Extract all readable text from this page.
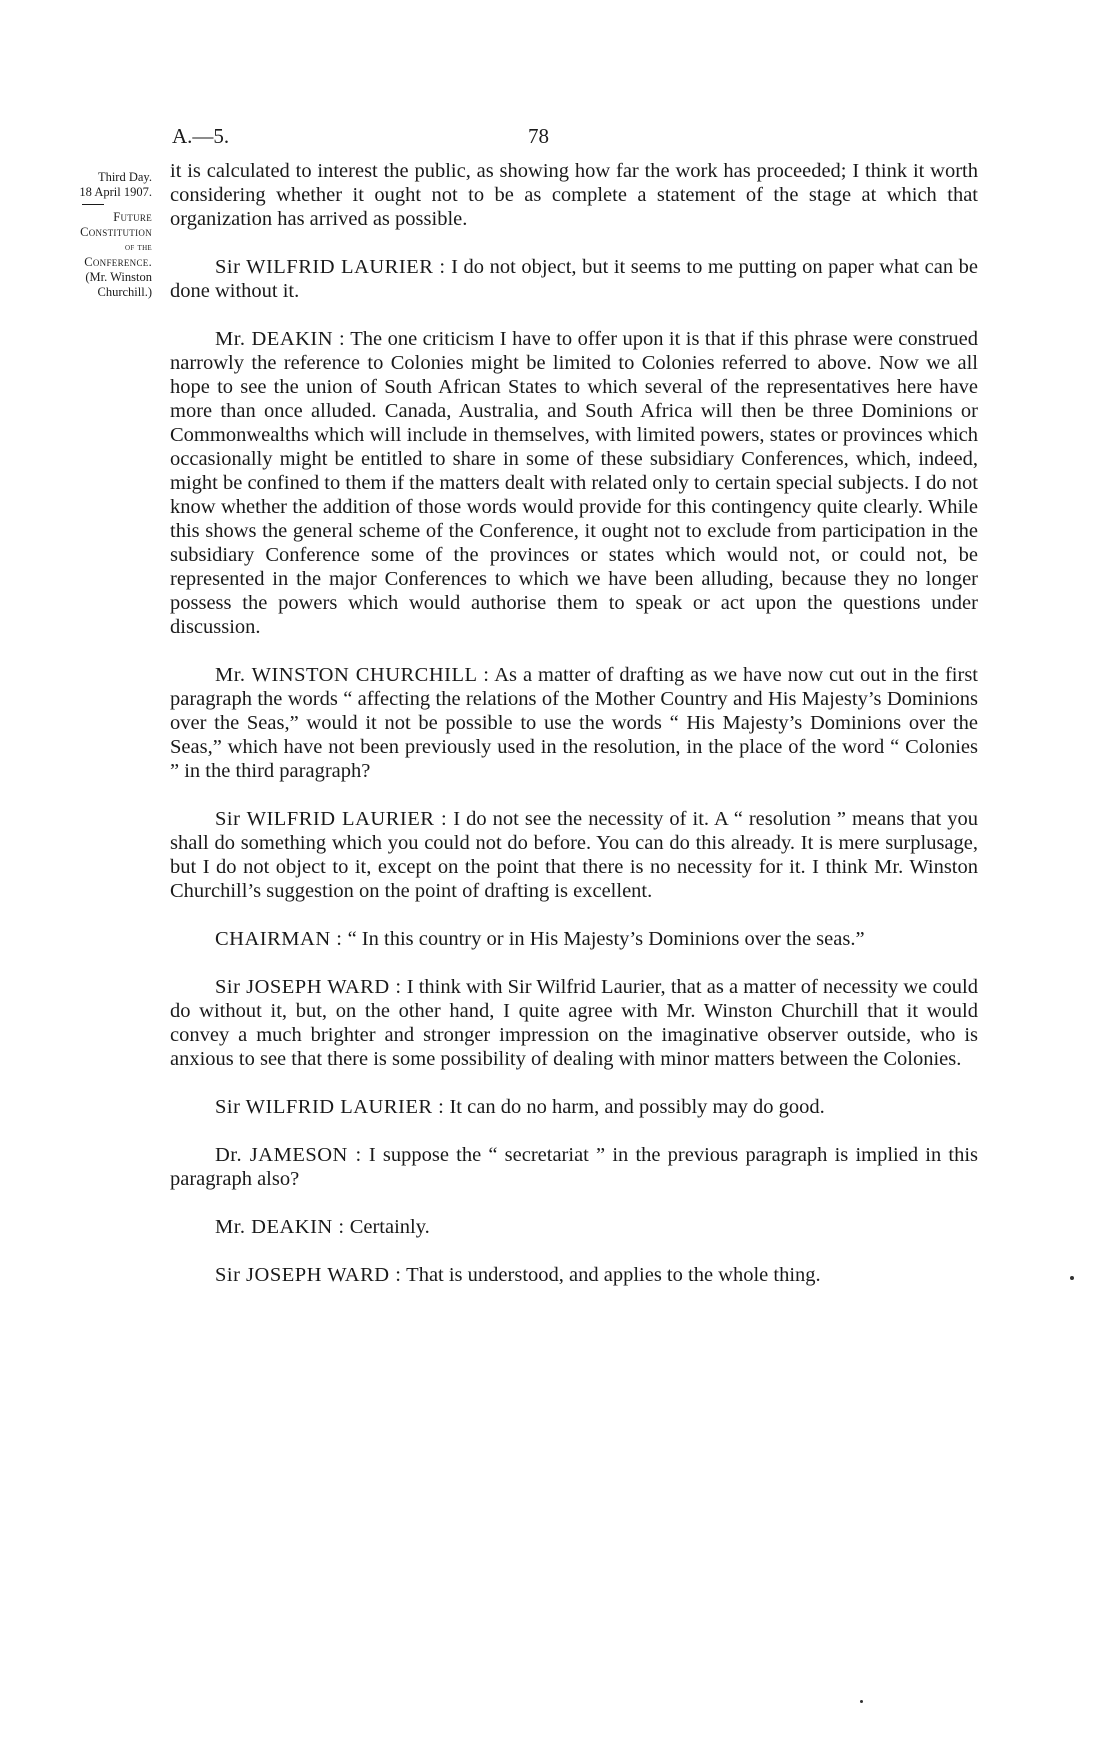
A.—5.	78
Third Day.
18 April 1907.
Future
Constitution
of the
Conference.
(Mr. Winston
Churchill.)

it is calculated to interest the public, as showing how far the work has proceeded; I think it worth considering whether it ought not to be as complete a statement of the stage at which that organization has arrived as possible.

Sir WILFRID LAURIER : I do not object, but it seems to me putting on paper what can be done without it.

Mr. DEAKIN : The one criticism I have to offer upon it is that if this phrase were construed narrowly the reference to Colonies might be limited to Colonies referred to above. Now we all hope to see the union of South African States to which several of the representatives here have more than once alluded. Canada, Australia, and South Africa will then be three Dominions or Commonwealths which will include in themselves, with limited powers, states or provinces which occasionally might be entitled to share in some of these subsidiary Conferences, which, indeed, might be confined to them if the matters dealt with related only to certain special subjects. I do not know whether the addition of those words would provide for this contingency quite clearly. While this shows the general scheme of the Conference, it ought not to exclude from participation in the subsidiary Conference some of the provinces or states which would not, or could not, be represented in the major Conferences to which we have been alluding, because they no longer possess the powers which would authorise them to speak or act upon the questions under discussion.

Mr. WINSTON CHURCHILL : As a matter of drafting as we have now cut out in the first paragraph the words “ affecting the relations of the Mother Country and His Majesty’s Dominions over the Seas,” would it not be possible to use the words “ His Majesty’s Dominions over the Seas,” which have not been previously used in the resolution, in the place of the word “ Colonies ” in the third paragraph?

Sir WILFRID LAURIER : I do not see the necessity of it. A “ resolution ” means that you shall do something which you could not do before. You can do this already. It is mere surplusage, but I do not object to it, except on the point that there is no necessity for it. I think Mr. Winston Churchill’s suggestion on the point of drafting is excellent.

CHAIRMAN : “ In this country or in His Majesty’s Dominions over the seas.”

Sir JOSEPH WARD : I think with Sir Wilfrid Laurier, that as a matter of necessity we could do without it, but, on the other hand, I quite agree with Mr. Winston Churchill that it would convey a much brighter and stronger impression on the imaginative observer outside, who is anxious to see that there is some possibility of dealing with minor matters between the Colonies.

Sir WILFRID LAURIER : It can do no harm, and possibly may do good.

Dr. JAMESON : I suppose the “ secretariat ” in the previous paragraph is implied in this paragraph also?

Mr. DEAKIN : Certainly.

Sir JOSEPH WARD : That is understood, and applies to the whole thing.
